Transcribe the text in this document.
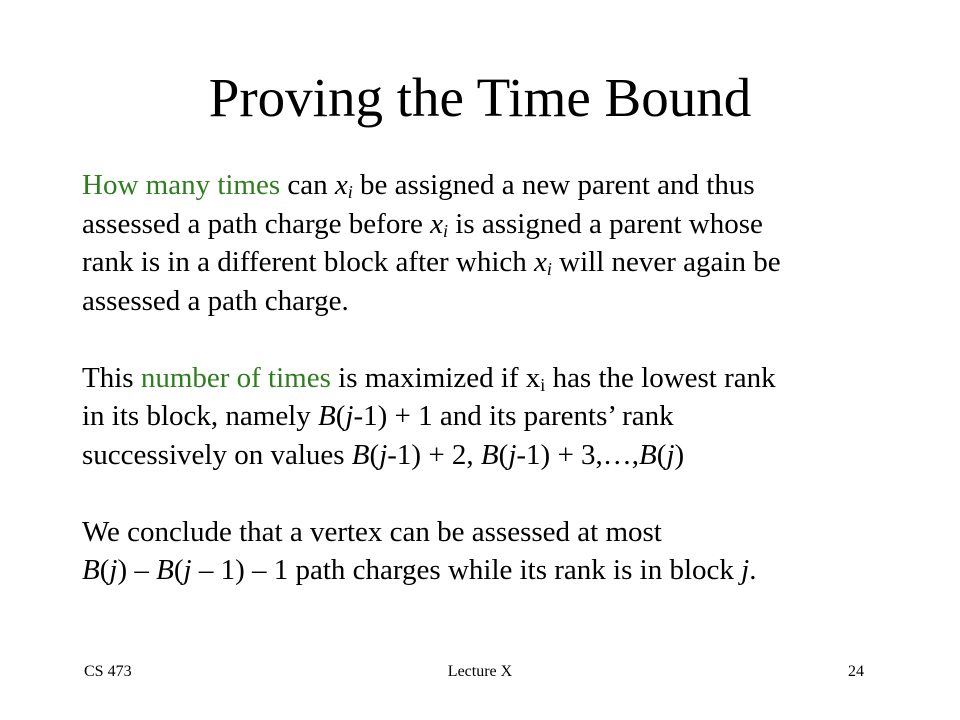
Proving the Time Bound
How many times can $x_i$ be assigned a new parent and thus
assessed a path charge before $x_i$ is assigned a parent whose
rank is in a different block after which $x_i$ will never again be
assessed a path charge.
This number of times is maximized if $x_i$ has the lowest rank
in its block, namely B(j-1) + 1 and its parents’ rank
successively on values B(j-1) + 2, B(j-1) + 3,…,B(j)
We conclude that a vertex can be assessed at most
B(j) – B(j – 1) – 1 path charges while its rank is in block j.
CS 473	Lecture X	24
